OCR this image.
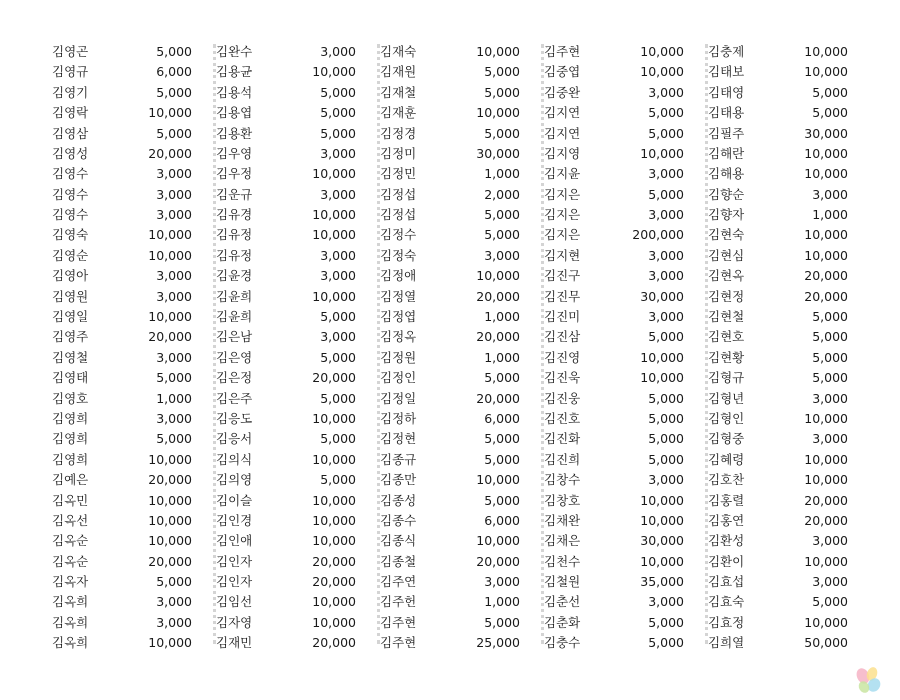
김영곤	5,000
김영규	6,000
김영기	5,000
김영락	10,000
김영삼	5,000
김영성	20,000
김영수	3,000
김영수	3,000
김영수	3,000
김영숙	10,000
김영순	10,000
김영아	3,000
김영원	3,000
김영일	10,000
김영주	20,000
김영철	3,000
김영태	5,000
김영호	1,000
김영희	3,000
김영희	5,000
김영희	10,000
김예은	20,000
김옥민	10,000
김옥선	10,000
김옥순	10,000
김옥순	20,000
김옥자	5,000
김옥희	3,000
김옥희	3,000
김옥희	10,000
김완수	3,000
김용균	10,000
김용석	5,000
김용엽	5,000
김용환	5,000
김우영	3,000
김우정	10,000
김운규	3,000
김유경	10,000
김유정	10,000
김유정	3,000
김윤경	3,000
김윤희	10,000
김윤희	5,000
김은남	3,000
김은영	5,000
김은정	20,000
김은주	5,000
김응도	10,000
김응서	5,000
김의식	10,000
김의영	5,000
김이슬	10,000
김인경	10,000
김인애	10,000
김인자	20,000
김인자	20,000
김임선	10,000
김자영	10,000
김재민	20,000
김재숙	10,000
김재원	5,000
김재철	5,000
김재훈	10,000
김정경	5,000
김정미	30,000
김정민	1,000
김정섭	2,000
김정섭	5,000
김정수	5,000
김정숙	3,000
김정애	10,000
김정열	20,000
김정엽	1,000
김정옥	20,000
김정원	1,000
김정인	5,000
김정일	20,000
김정하	6,000
김정현	5,000
김종규	5,000
김종만	10,000
김종성	5,000
김종수	6,000
김종식	10,000
김종철	20,000
김주연	3,000
김주헌	1,000
김주현	5,000
김주현	25,000
김주현	10,000
김중엽	10,000
김중완	3,000
김지연	5,000
김지연	5,000
김지영	10,000
김지윤	3,000
김지은	5,000
김지은	3,000
김지은	200,000
김지현	3,000
김진구	3,000
김진무	30,000
김진미	3,000
김진삼	5,000
김진영	10,000
김진욱	10,000
김진웅	5,000
김진호	5,000
김진화	5,000
김진희	5,000
김창수	3,000
김창호	10,000
김채완	10,000
김채은	30,000
김천수	10,000
김철원	35,000
김춘선	3,000
김춘화	5,000
김충수	5,000
김충제	10,000
김태보	10,000
김태영	5,000
김태용	5,000
김필주	30,000
김해란	10,000
김해용	10,000
김향순	3,000
김향자	1,000
김현숙	10,000
김현심	10,000
김현옥	20,000
김현정	20,000
김현철	5,000
김현호	5,000
김현황	5,000
김형규	5,000
김형년	3,000
김형인	10,000
김형중	3,000
김혜령	10,000
김호찬	10,000
김홍렬	20,000
김홍연	20,000
김환성	3,000
김환이	10,000
김효섭	3,000
김효숙	5,000
김효정	10,000
김희열	50,000
